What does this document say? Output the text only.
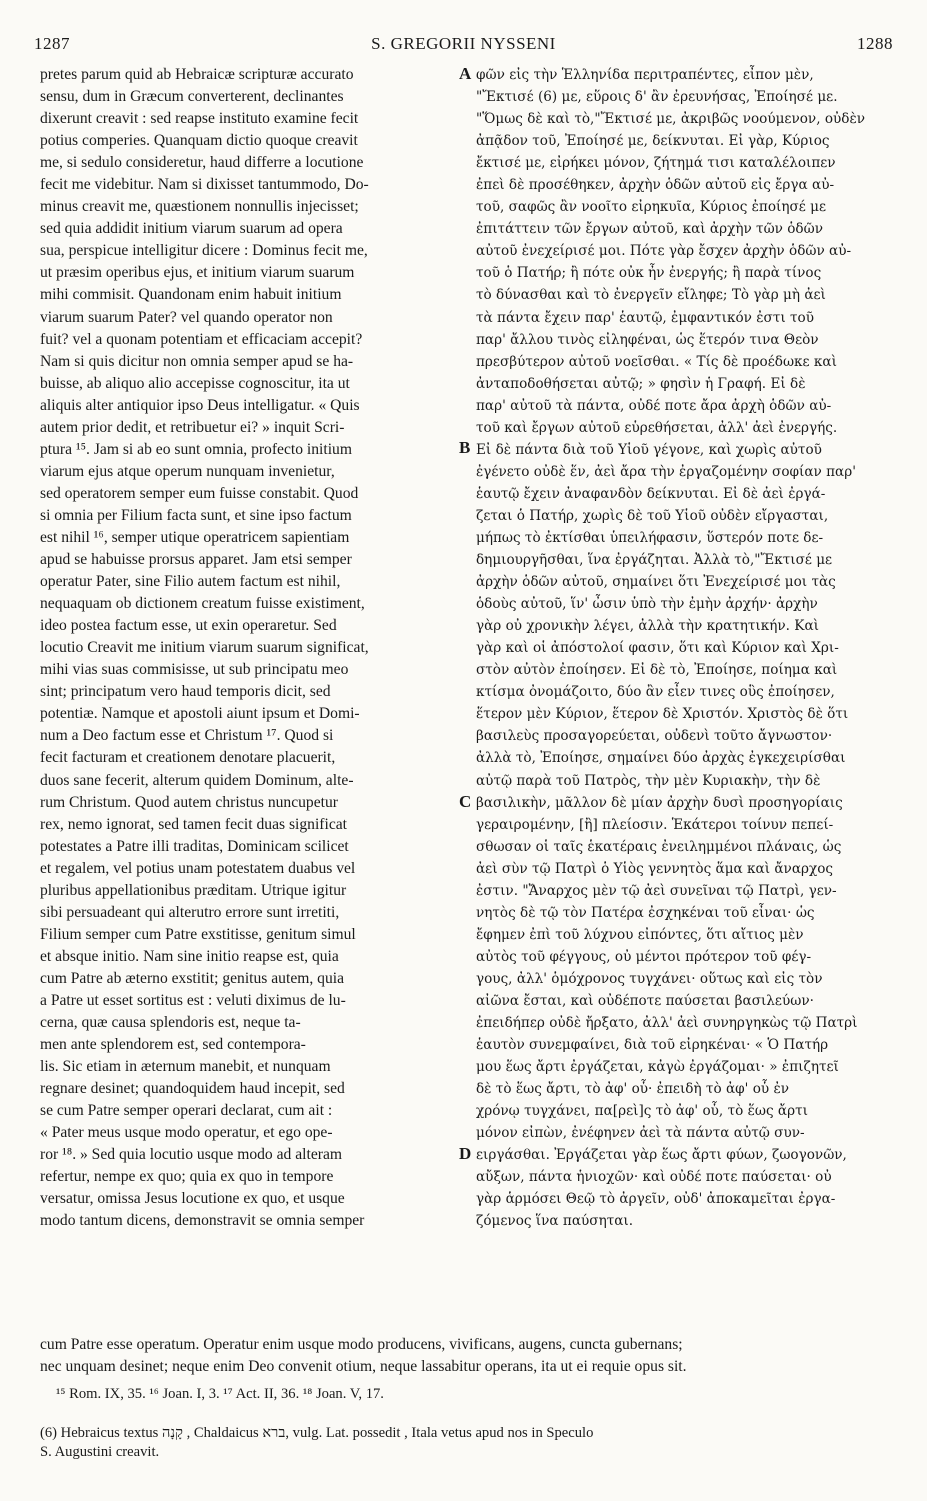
1287	S. GREGORII NYSSENI	1288
pretes parum quid ab Hebraicæ scripturæ accurato
sensu, dum in Græcum converterent, declinantes
dixerunt creavit : sed reapse instituto examine fecit
potius comperies. Quanquam dictio quoque creavit
me, si sedulo consideretur, haud differre a locutione
fecit me videbitur. Nam si dixisset tantummodo, Do-
minus creavit me, quæstionem nonnullis injecisset;
sed quia addidit initium viarum suarum ad opera
sua, perspicue intelligitur dicere : Dominus fecit me,
ut præsim operibus ejus, et initium viarum suarum
mihi commisit. Quandonam enim habuit initium
viarum suarum Pater? vel quando operator non
fuit? vel a quonam potentiam et efficaciam accepit?
Nam si quis dicitur non omnia semper apud se ha-
buisse, ab aliquo alio accepisse cognoscitur, ita ut
aliquis alter antiquior ipso Deus intelligatur. « Quis
autem prior dedit, et retribuetur ei? » inquit Scri-
ptura ¹⁵. Jam si ab eo sunt omnia, profecto initium
viarum ejus atque operum nunquam invenietur,
sed operatorem semper eum fuisse constabit. Quod
si omnia per Filium facta sunt, et sine ipso factum
est nihil ¹⁶, semper utique operatricem sapientiam
apud se habuisse prorsus apparet. Jam etsi semper
operatur Pater, sine Filio autem factum est nihil,
nequaquam ob dictionem creatum fuisse existiment,
ideo postea factum esse, ut exin operaretur. Sed
locutio Creavit me initium viarum suarum significat,
mihi vias suas commisisse, ut sub principatu meo
sint; principatum vero haud temporis dicit, sed
potentiæ. Namque et apostoli aiunt ipsum et Domi-
num a Deo factum esse et Christum ¹⁷. Quod si
fecit facturam et creationem denotare placuerit,
duos sane fecerit, alterum quidem Dominum, alte-
rum Christum. Quod autem christus nuncupetur
rex, nemo ignorat, sed tamen fecit duas significat
potestates a Patre illi traditas, Dominicam scilicet
et regalem, vel potius unam potestatem duabus vel
pluribus appellationibus præditam. Utrique igitur
sibi persuadeant qui alterutro errore sunt irretiti,
Filium semper cum Patre exstitisse, genitum simul
et absque initio. Nam sine initio reapse est, quia
cum Patre ab æterno exstitit; genitus autem, quia
a Patre ut esset sortitus est : veluti diximus de lu-
cerna, quæ causa splendoris est, neque ta-
men ante splendorem est, sed contempora-
lis. Sic etiam in æternum manebit, et nunquam
regnare desinet; quandoquidem haud incepit, sed
se cum Patre semper operari declarat, cum ait :
« Pater meus usque modo operatur, et ego ope-
ror ¹⁸. » Sed quia locutio usque modo ad alteram
refertur, nempe ex quo; quia ex quo in tempore
versatur, omissa Jesus locutione ex quo, et usque
modo tantum dicens, demonstravit se omnia semper
φῶν εἰς τὴν Ἑλληνίδα περιτραπέντες, εἶπον μὲν,
"Ἔκτισέ (6) με, εὕροις δ' ἂν ἐρευνήσας, Ἐποίησέ με.
"Ὅμως δὲ καὶ τὸ,"Ἔκτισέ με, ἀκριβῶς νοούμενον, οὐδὲν
ἀπᾷδον τοῦ, Ἐποίησέ με, δείκνυται. Εἰ γὰρ, Κύριος
ἔκτισέ με, εἰρήκει μόνον, ζήτημά τισι καταλέλοιπεν
ἐπεὶ δὲ προσέθηκεν, ἀρχὴν ὁδῶν αὐτοῦ εἰς ἔργα αὐ-
τοῦ, σαφῶς ἂν νοοῖτο εἰρηκυῖα, Κύριος ἐποίησέ με
ἐπιτάττειν τῶν ἔργων αὐτοῦ, καὶ ἀρχὴν τῶν ὁδῶν
αὐτοῦ ἐνεχείρισέ μοι. Πότε γὰρ ἔσχεν ἀρχὴν ὁδῶν αὐ-
τοῦ ὁ Πατήρ; ἢ πότε οὐκ ἦν ἐνεργής; ἢ παρὰ τίνος
τὸ δύνασθαι καὶ τὸ ἐνεργεῖν εἴληφε; Τὸ γὰρ μὴ ἀεὶ
τὰ πάντα ἔχειν παρ' ἑαυτῷ, ἐμφαντικόν ἐστι τοῦ
παρ' ἄλλου τινὸς εἰληφέναι, ὡς ἕτερόν τινα Θεὸν
πρεσβύτερον αὐτοῦ νοεῖσθαι. « Τίς δὲ προέδωκε καὶ
ἀνταποδοθήσεται αὐτῷ; » φησὶν ἡ Γραφή. Εἰ δὲ
παρ' αὐτοῦ τὰ πάντα, οὐδέ ποτε ἄρα ἀρχὴ ὁδῶν αὐ-
τοῦ καὶ ἔργων αὐτοῦ εὑρεθήσεται, ἀλλ' ἀεὶ ἐνεργής.
Εἰ δὲ πάντα διὰ τοῦ Υἱοῦ γέγονε, καὶ χωρὶς αὐτοῦ
ἐγένετο οὐδὲ ἕν, ἀεὶ ἄρα τὴν ἐργαζομένην σοφίαν παρ'
ἑαυτῷ ἔχειν ἀναφανδὸν δείκνυται. Εἰ δὲ ἀεὶ ἐργά-
ζεται ὁ Πατήρ, χωρὶς δὲ τοῦ Υἱοῦ οὐδὲν εἴργασται,
μήπως τὸ ἐκτίσθαι ὑπειλήφασιν, ὕστερόν ποτε δε-
δημιουργῆσθαι, ἵνα ἐργάζηται. Ἀλλὰ τὸ,"Ἔκτισέ με
ἀρχὴν ὁδῶν αὐτοῦ, σημαίνει ὅτι Ἐνεχείρισέ μοι τὰς
ὁδοὺς αὐτοῦ, ἵν' ὦσιν ὑπὸ τὴν ἐμὴν ἀρχήν· ἀρχὴν
γὰρ οὐ χρονικὴν λέγει, ἀλλὰ τὴν κρατητικήν. Καὶ
γὰρ καὶ οἱ ἀπόστολοί φασιν, ὅτι καὶ Κύριον καὶ Χρι-
στὸν αὐτὸν ἐποίησεν. Εἰ δὲ τὸ, Ἐποίησε, ποίημα καὶ
κτίσμα ὀνομάζοιτο, δύο ἂν εἶεν τινες οὓς ἐποίησεν,
ἕτερον μὲν Κύριον, ἕτερον δὲ Χριστόν. Χριστὸς δὲ ὅτι
βασιλεὺς προσαγορεύεται, οὐδενὶ τοῦτο ἄγνωστον·
ἀλλὰ τὸ, Ἐποίησε, σημαίνει δύο ἀρχὰς ἐγκεχειρίσθαι
αὐτῷ παρὰ τοῦ Πατρὸς, τὴν μὲν Κυριακὴν, τὴν δὲ
βασιλικὴν, μᾶλλον δὲ μίαν ἀρχὴν δυσὶ προσηγορίαις
γεραιρομένην, [ἢ] πλείοσιν. Ἑκάτεροι τοίνυν πεπεί-
σθωσαν οἱ ταῖς ἑκατέραις ἐνειλημμένοι πλάναις, ὡς
ἀεὶ σὺν τῷ Πατρὶ ὁ Υἱὸς γεννητὸς ἅμα καὶ ἄναρχος
ἐστιν. "Ἄναρχος μὲν τῷ ἀεὶ συνεῖναι τῷ Πατρὶ, γεν-
νητὸς δὲ τῷ τὸν Πατέρα ἐσχηκέναι τοῦ εἶναι· ὡς
ἔφημεν ἐπὶ τοῦ λύχνου εἰπόντες, ὅτι αἴτιος μὲν
αὐτὸς τοῦ φέγγους, οὐ μέντοι πρότερον τοῦ φέγ-
γους, ἀλλ' ὁμόχρονος τυγχάνει· οὕτως καὶ εἰς τὸν
αἰῶνα ἔσται, καὶ οὐδέποτε παύσεται βασιλεύων·
ἐπειδήπερ οὐδὲ ἤρξατο, ἀλλ' ἀεὶ συνηργηκὼς τῷ Πατρὶ
ἑαυτὸν συνεμφαίνει, διὰ τοῦ εἰρηκέναι· « Ὁ Πατήρ
μου ἕως ἄρτι ἐργάζεται, κἀγὼ ἐργάζομαι· » ἐπιζητεῖ
δὲ τὸ ἕως ἄρτι, τὸ ἀφ' οὗ· ἐπειδὴ τὸ ἀφ' οὗ ἐν
χρόνῳ τυγχάνει, πα[ρεὶ]ς τὸ ἀφ' οὗ, τὸ ἕως ἄρτι
μόνον εἰπὼν, ἐνέφηνεν ἀεὶ τὰ πάντα αὐτῷ συν-
ειργάσθαι. Ἐργάζεται γὰρ ἕως ἄρτι φύων, ζωογονῶν,
αὔξων, πάντα ἡνιοχῶν· καὶ οὐδέ ποτε παύσεται· οὐ
γὰρ ἁρμόσει Θεῷ τὸ ἀργεῖν, οὐδ' ἀποκαμεῖται ἐργα-
ζόμενος ἵνα παύσηται.
A
B
C
D
cum Patre esse operatum. Operatur enim usque modo producens, vivificans, augens, cuncta gubernans;
nec unquam desinet; neque enim Deo convenit otium, neque lassabitur operans, ita ut ei requie opus sit.
¹⁵ Rom. IX, 35. ¹⁶ Joan. I, 3. ¹⁷ Act. II, 36. ¹⁸ Joan. V, 17.
(6) Hebraicus textus קָנָה , Chaldaicus ברא, vulg. Lat. possedit , Itala vetus apud nos in Speculo
S. Augustini creavit.
